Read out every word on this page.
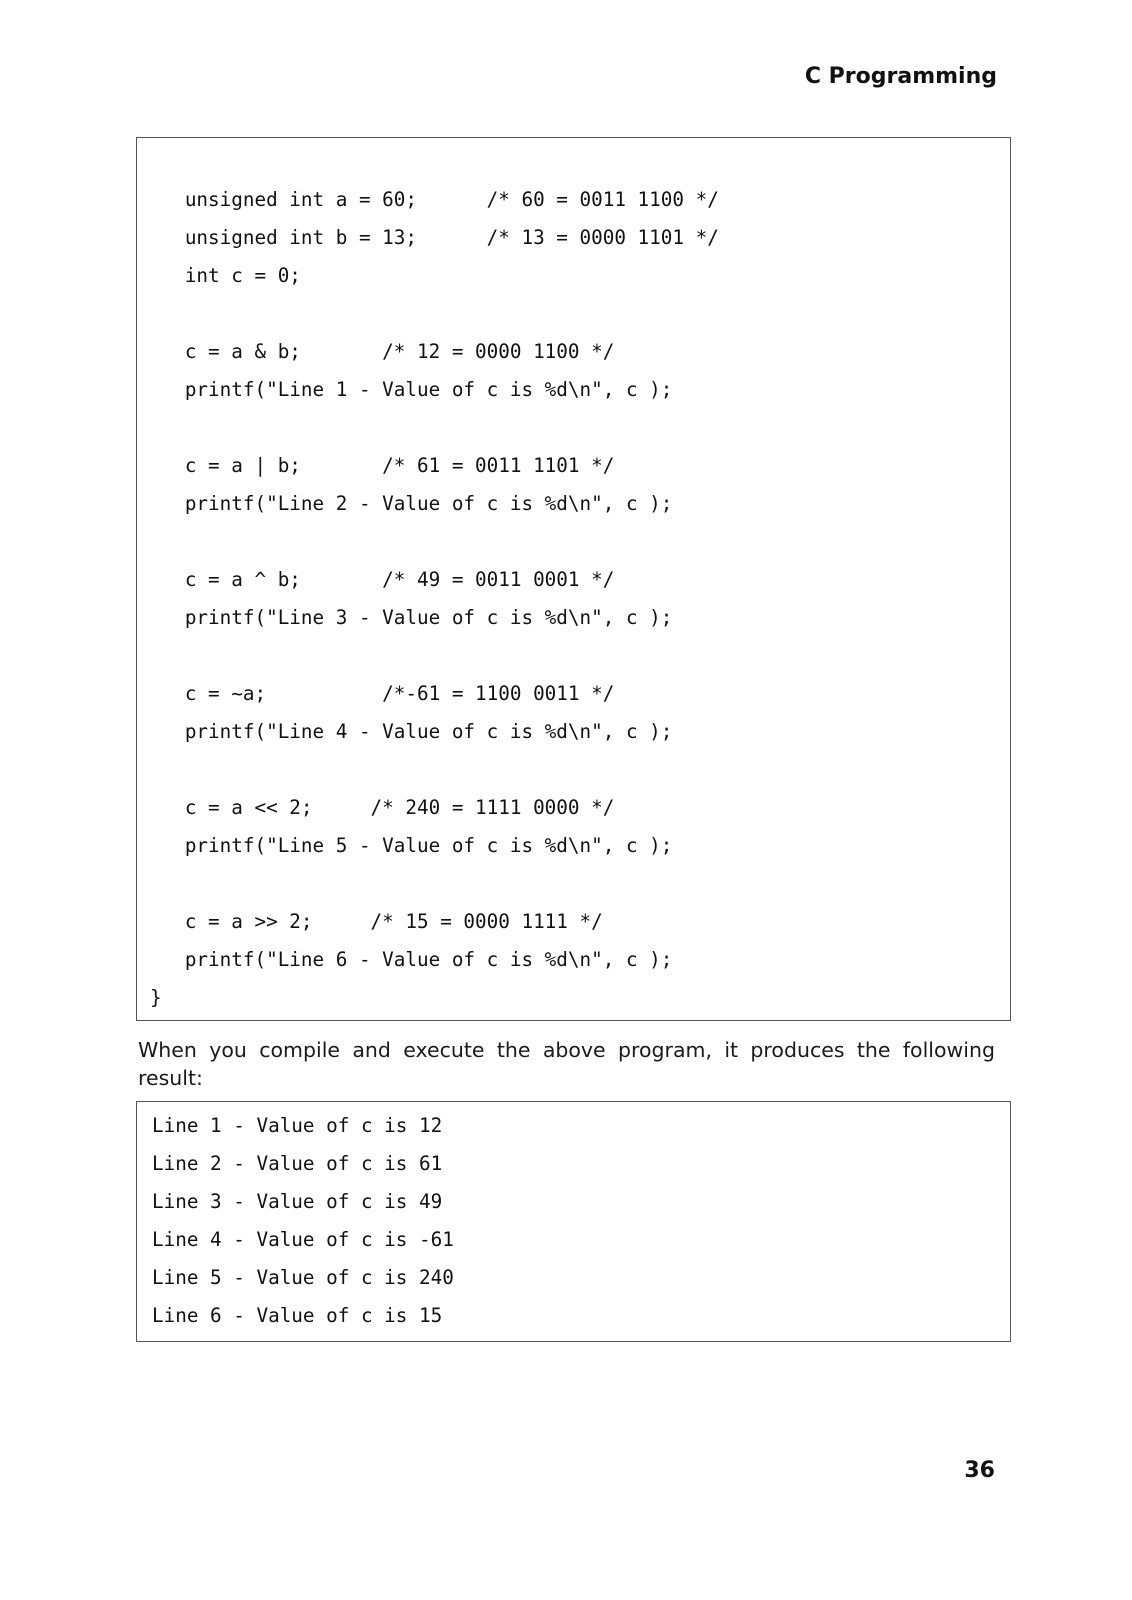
C Programming
unsigned int a = 60;      /* 60 = 0011 1100 */
unsigned int b = 13;      /* 13 = 0000 1101 */
int c = 0;
c = a & b;       /* 12 = 0000 1100 */
printf("Line 1 - Value of c is %d\n", c );
c = a | b;       /* 61 = 0011 1101 */
printf("Line 2 - Value of c is %d\n", c );
c = a ^ b;       /* 49 = 0011 0001 */
printf("Line 3 - Value of c is %d\n", c );
c = ~a;          /*-61 = 1100 0011 */
printf("Line 4 - Value of c is %d\n", c );
c = a << 2;     /* 240 = 1111 0000 */
printf("Line 5 - Value of c is %d\n", c );
c = a >> 2;     /* 15 = 0000 1111 */
printf("Line 6 - Value of c is %d\n", c );
}
When you compile and execute the above program, it produces the following result:
Line 1 - Value of c is 12
Line 2 - Value of c is 61
Line 3 - Value of c is 49
Line 4 - Value of c is -61
Line 5 - Value of c is 240
Line 6 - Value of c is 15
36
